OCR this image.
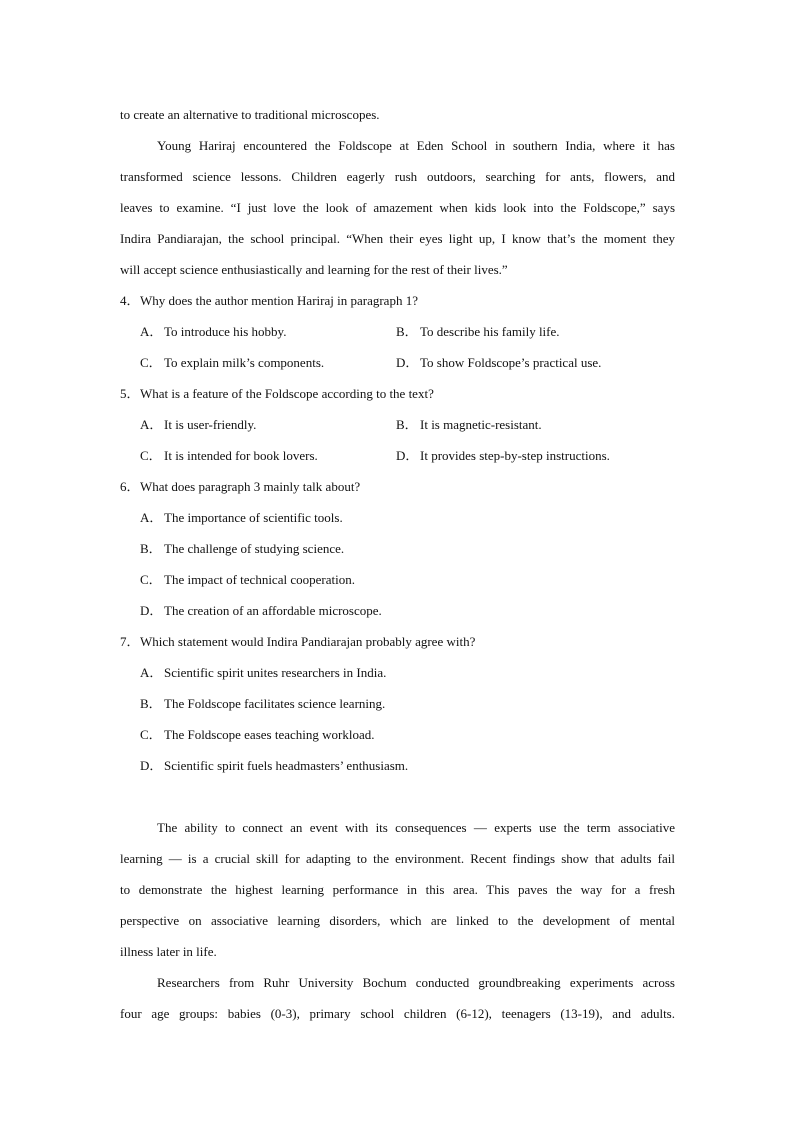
to create an alternative to traditional microscopes.
Young Hariraj encountered the Foldscope at Eden School in southern India, where it has
transformed science lessons. Children eagerly rush outdoors, searching for ants, flowers, and
leaves to examine. “I just love the look of amazement when kids look into the Foldscope,” says
Indira Pandiarajan, the school principal. “When their eyes light up, I know that’s the moment they
will accept science enthusiastically and learning for the rest of their lives.”
4．Why does the author mention Hariraj in paragraph 1?
A． To introduce his hobby.	B． To describe his family life.
C． To explain milk’s components.	D． To show Foldscope’s practical use.
5．What is a feature of the Foldscope according to the text?
A． It is user-friendly.	B． It is magnetic-resistant.
C． It is intended for book lovers.	D． It provides step-by-step instructions.
6．What does paragraph 3 mainly talk about?
A． The importance of scientific tools.
B． The challenge of studying science.
C． The impact of technical cooperation.
D． The creation of an affordable microscope.
7．Which statement would Indira Pandiarajan probably agree with?
A． Scientific spirit unites researchers in India.
B． The Foldscope facilitates science learning.
C． The Foldscope eases teaching workload.
D． Scientific spirit fuels headmasters’ enthusiasm.
The ability to connect an event with its consequences — experts use the term associative
learning — is a crucial skill for adapting to the environment. Recent findings show that adults fail
to demonstrate the highest learning performance in this area. This paves the way for a fresh
perspective on associative learning disorders, which are linked to the development of mental
illness later in life.
Researchers from Ruhr University Bochum conducted groundbreaking experiments across
four age groups: babies (0-3), primary school children (6-12), teenagers (13-19), and adults.
